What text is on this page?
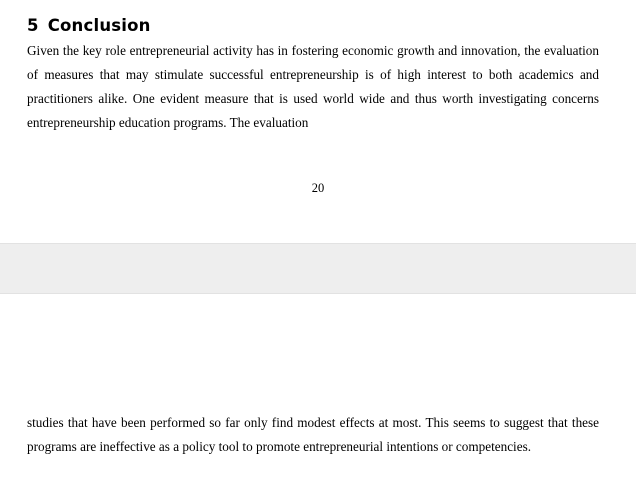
5 Conclusion

Given the key role entrepreneurial activity has in fostering economic growth and innovation, the evaluation of measures that may stimulate successful entrepreneurship is of high interest to both academics and practitioners alike. One evident measure that is used world wide and thus worth investigating concerns entrepreneurship education programs. The evaluation

20

studies that have been performed so far only find modest effects at most. This seems to suggest that these programs are ineffective as a policy tool to promote entrepreneurial intentions or competencies.
